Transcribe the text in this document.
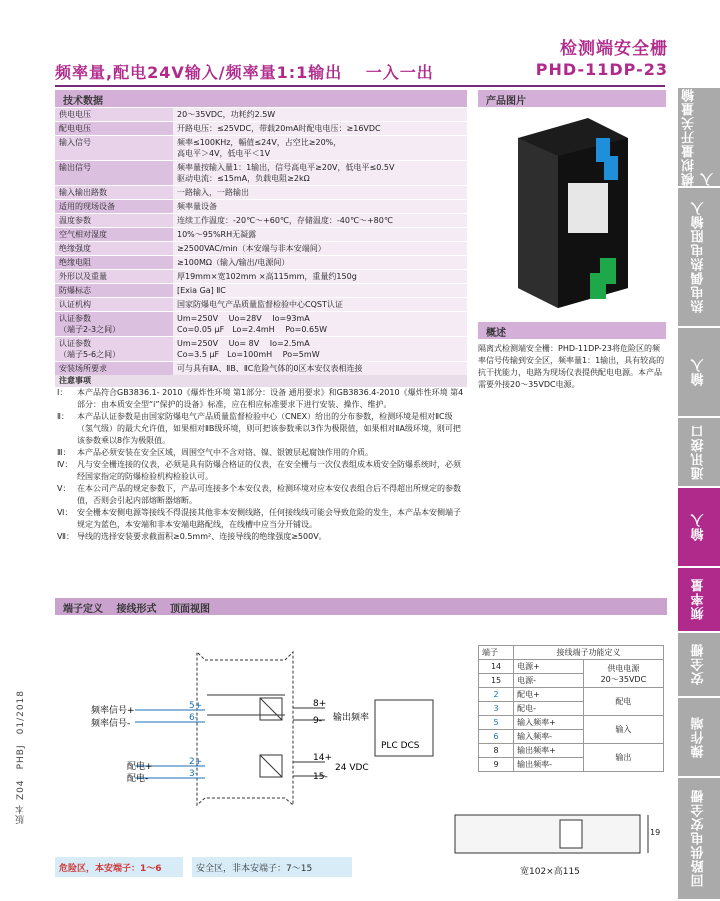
检测端安全栅
频率量,配电24V输入/频率量1:1输出　 一入一出	PHD-11DP-23
技术数据	产品图片
供电电压	20～35VDC，功耗约2.5W
配电电压	开路电压：≤25VDC，带载20mA时配电电压：≥16VDC
输入信号	频率≤100KHz，幅值≤24V，占空比≥20%，
高电平＞4V，低电平＜1V
输出信号	频率量按输入量1：1输出，信号高电平≥20V，低电平≤0.5V
驱动电流：≤15mA，负载电阻≥2kΩ
输入输出路数	一路输入，一路输出
适用的现场设备	频率量设备
温度参数	连续工作温度：-20℃～+60℃，存储温度：-40℃～+80℃
空气相对湿度	10%～95%RH无凝露
绝缘强度	≥2500VAC/min（本安端与非本安端间）
绝缘电阻	≥100MΩ（输入/输出/电源间）
外形以及重量	厚19mm×宽102mm ×高115mm，重量约150g
防爆标志	[Exia Ga] ⅡC
认证机构	国家防爆电气产品质量监督检验中心CQST认证
认证参数
（端子2-3之间）	Um=250V　 Uo=28V　 Io=93mA
Co=0.05 μF　Lo=2.4mH　 Po=0.65W
认证参数
（端子5-6之间）	Um=250V　 Uo= 8V　 Io=2.5mA
Co=3.5 μF　Lo=100mH　 Po=5mW
安装场所要求	可与具有ⅡA、ⅡB、ⅡC危险气体的0区本安仪表相连接
注意事项
Ⅰ：	本产品符合GB3836.1- 2010《爆炸性环境 第1部分：设备 通用要求》和GB3836.4-2010《爆炸性环境 第4部分：由本质安全型“i”保护的设备》标准，应在相应标准要求下进行安装、操作、维护。
Ⅱ：	本产品认证参数是由国家防爆电气产品质量监督检验中心（CNEX）给出的分布参数，检测环境是相对ⅡC级（氢气级）的最大允许值，如果相对ⅡB级环境，则可把该参数乘以3作为极限值，如果相对ⅡA级环境，则可把该参数乘以8作为极限值。
Ⅲ： 本产品必须安装在安全区域，周围空气中不含对铬、镍、银镀层起腐蚀作用的介质。
Ⅳ： 凡与安全栅连接的仪表，必须是具有防爆合格证的仪表，在安全栅与一次仪表组成本质安全防爆系统时，必须经国家指定的防爆检验机构检验认可。
Ⅴ： 在本公司产品的规定参数下，产品可连接多个本安仪表，检测环境对应本安仪表组合后不得超出所规定的参数值，否则会引起内部熔断器熔断。
Ⅵ： 安全栅本安侧电源等接线不得混接其他非本安侧线路，任何接线线可能会导致危险的发生，本产品本安侧端子规定为蓝色，本安端和非本安端电路配线，在线槽中应当分开铺设。
Ⅶ： 导线的选择安装要求截面积≥0.5mm²、连接导线的绝缘强度≥500V。
概述
隔离式检测端安全栅：PHD-11DP-23将危险区的频率信号传输到安全区，频率量1：1输出，具有较高的抗干扰能力，电路为现场仪表提供配电电源。本产品需要外接20～35VDC电源。
端子定义　 接线形式　 顶面视图
模拟量开关量输入
热电偶热电阻输入
输入
通讯接口
输入
频率量
安全栅
操作端
回路供电安全栅
版本 Z04　PHBJ　01/2018	频率信号+
频率信号-
配电+
配电-
5+
6-
2+
3-
8+
9-
14+
15-
输出频率
PLC DCS
24 VDC
端子	接线端子功能定义	
14	电源+	供电电源
20～35VDC
15	电源-	
2	配电+	配电
3	配电-	
5	输入频率+	输入
6	输入频率-	
8	输出频率+	输出
9	输出频率-	
19
宽102×高115
危险区，本安端子：1～6	安全区，非本安端子：7～15
